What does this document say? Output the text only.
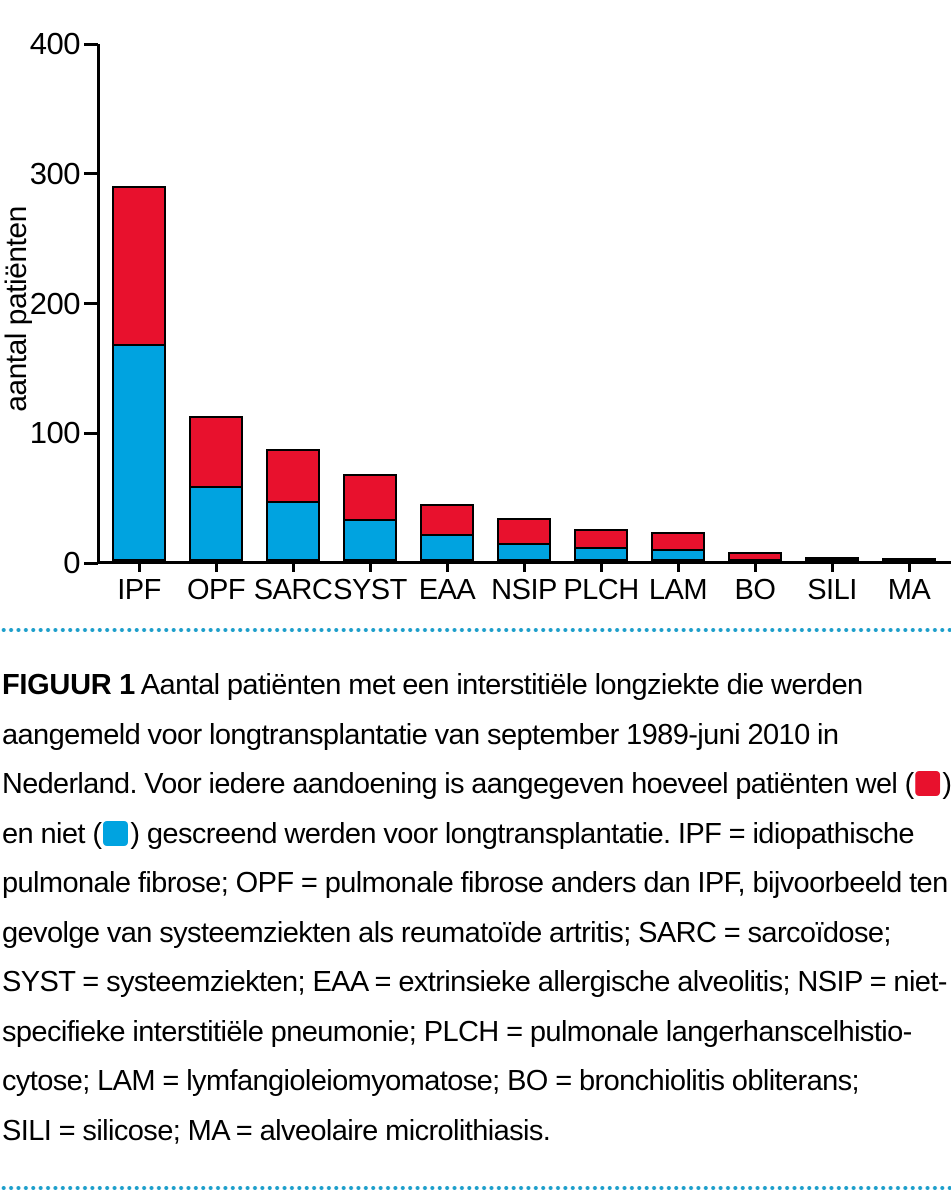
aantal patiënten
0
100
200
300
400
IPF OPF SARC SYST EAA NSIP PLCH LAM BO	SILI	MA
FIGUUR 1 Aantal patiënten met een interstitiële longziekte die werden
aangemeld voor longtransplantatie van september 1989-juni 2010 in
Nederland. Voor iedere aandoening is aangegeven hoeveel patiënten wel ( )
en niet ( ) gescreend werden voor longtransplantatie. IPF = idiopathische
pulmonale fibrose; OPF = pulmonale fibrose anders dan IPF, bijvoorbeeld ten
gevolge van systeemziekten als reumatoïde artritis; SARC = sarcoïdose;
SYST = systeemziekten; EAA = extrinsieke allergische alveolitis; NSIP = niet-
specifieke interstitiële pneumonie; PLCH = pulmonale langerhanscelhistio-
cytose; LAM = lymfangioleiomyomatose; BO = bronchiolitis obliterans;
SILI = silicose; MA = alveolaire microlithiasis.
